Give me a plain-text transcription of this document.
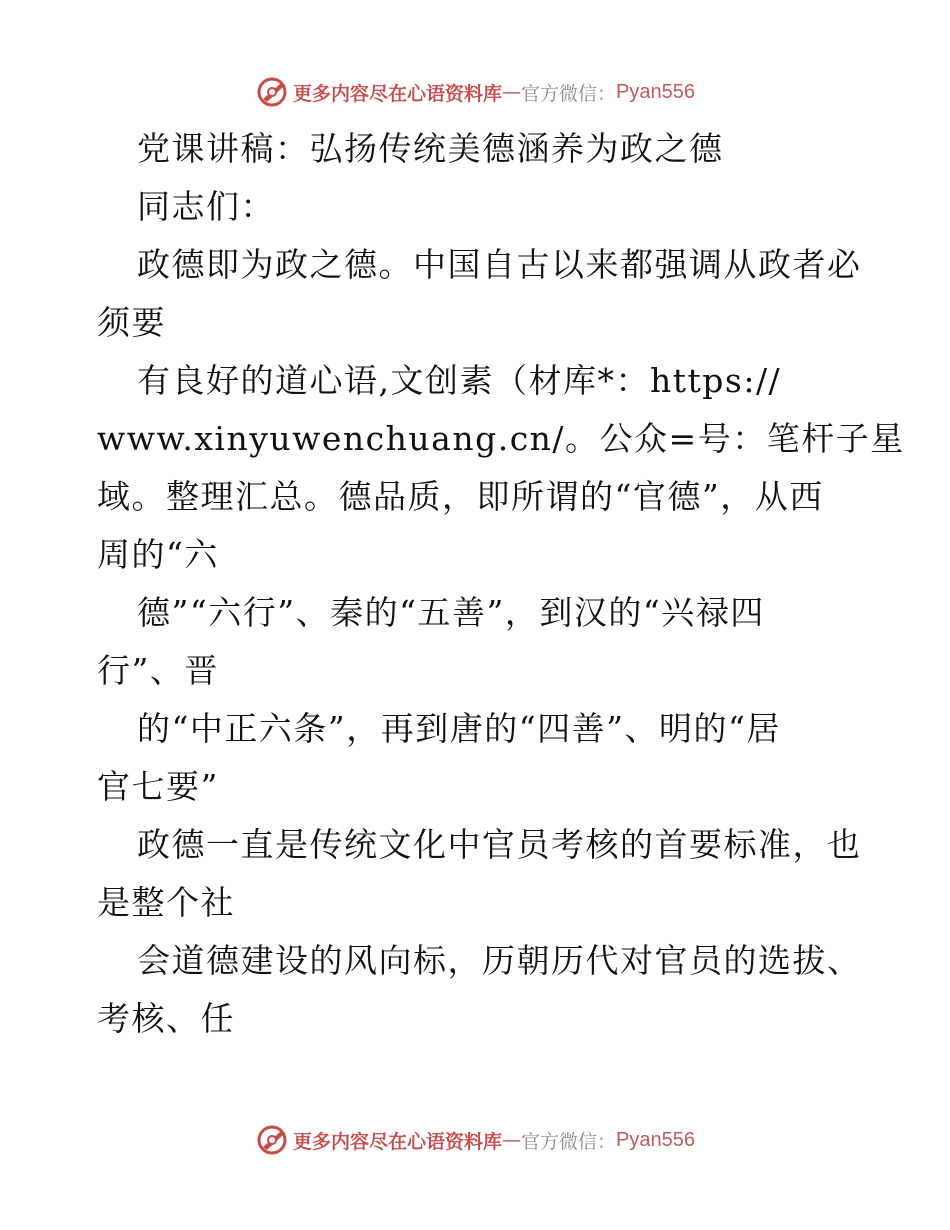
更多内容尽在心语资料库 — 官方微信： Pyan556
党课讲稿：弘扬传统美德涵养为政之德
同志们：
政德即为政之德。中国自古以来都强调从政者必
须要
有良好的道心语,文创素（材库*：https://
www.xinyuwenchuang.cn/。公众=号：笔杆子星
域。整理汇总。德品质，即所谓的“官德”，从西
周的“六
德”“六行”、秦的“五善”，到汉的“兴禄四
行”、晋
的“中正六条”，再到唐的“四善”、明的“居
官七要”
政德一直是传统文化中官员考核的首要标准，也
是整个社
会道德建设的风向标，历朝历代对官员的选拔、
考核、任
更多内容尽在心语资料库 — 官方微信： Pyan556
